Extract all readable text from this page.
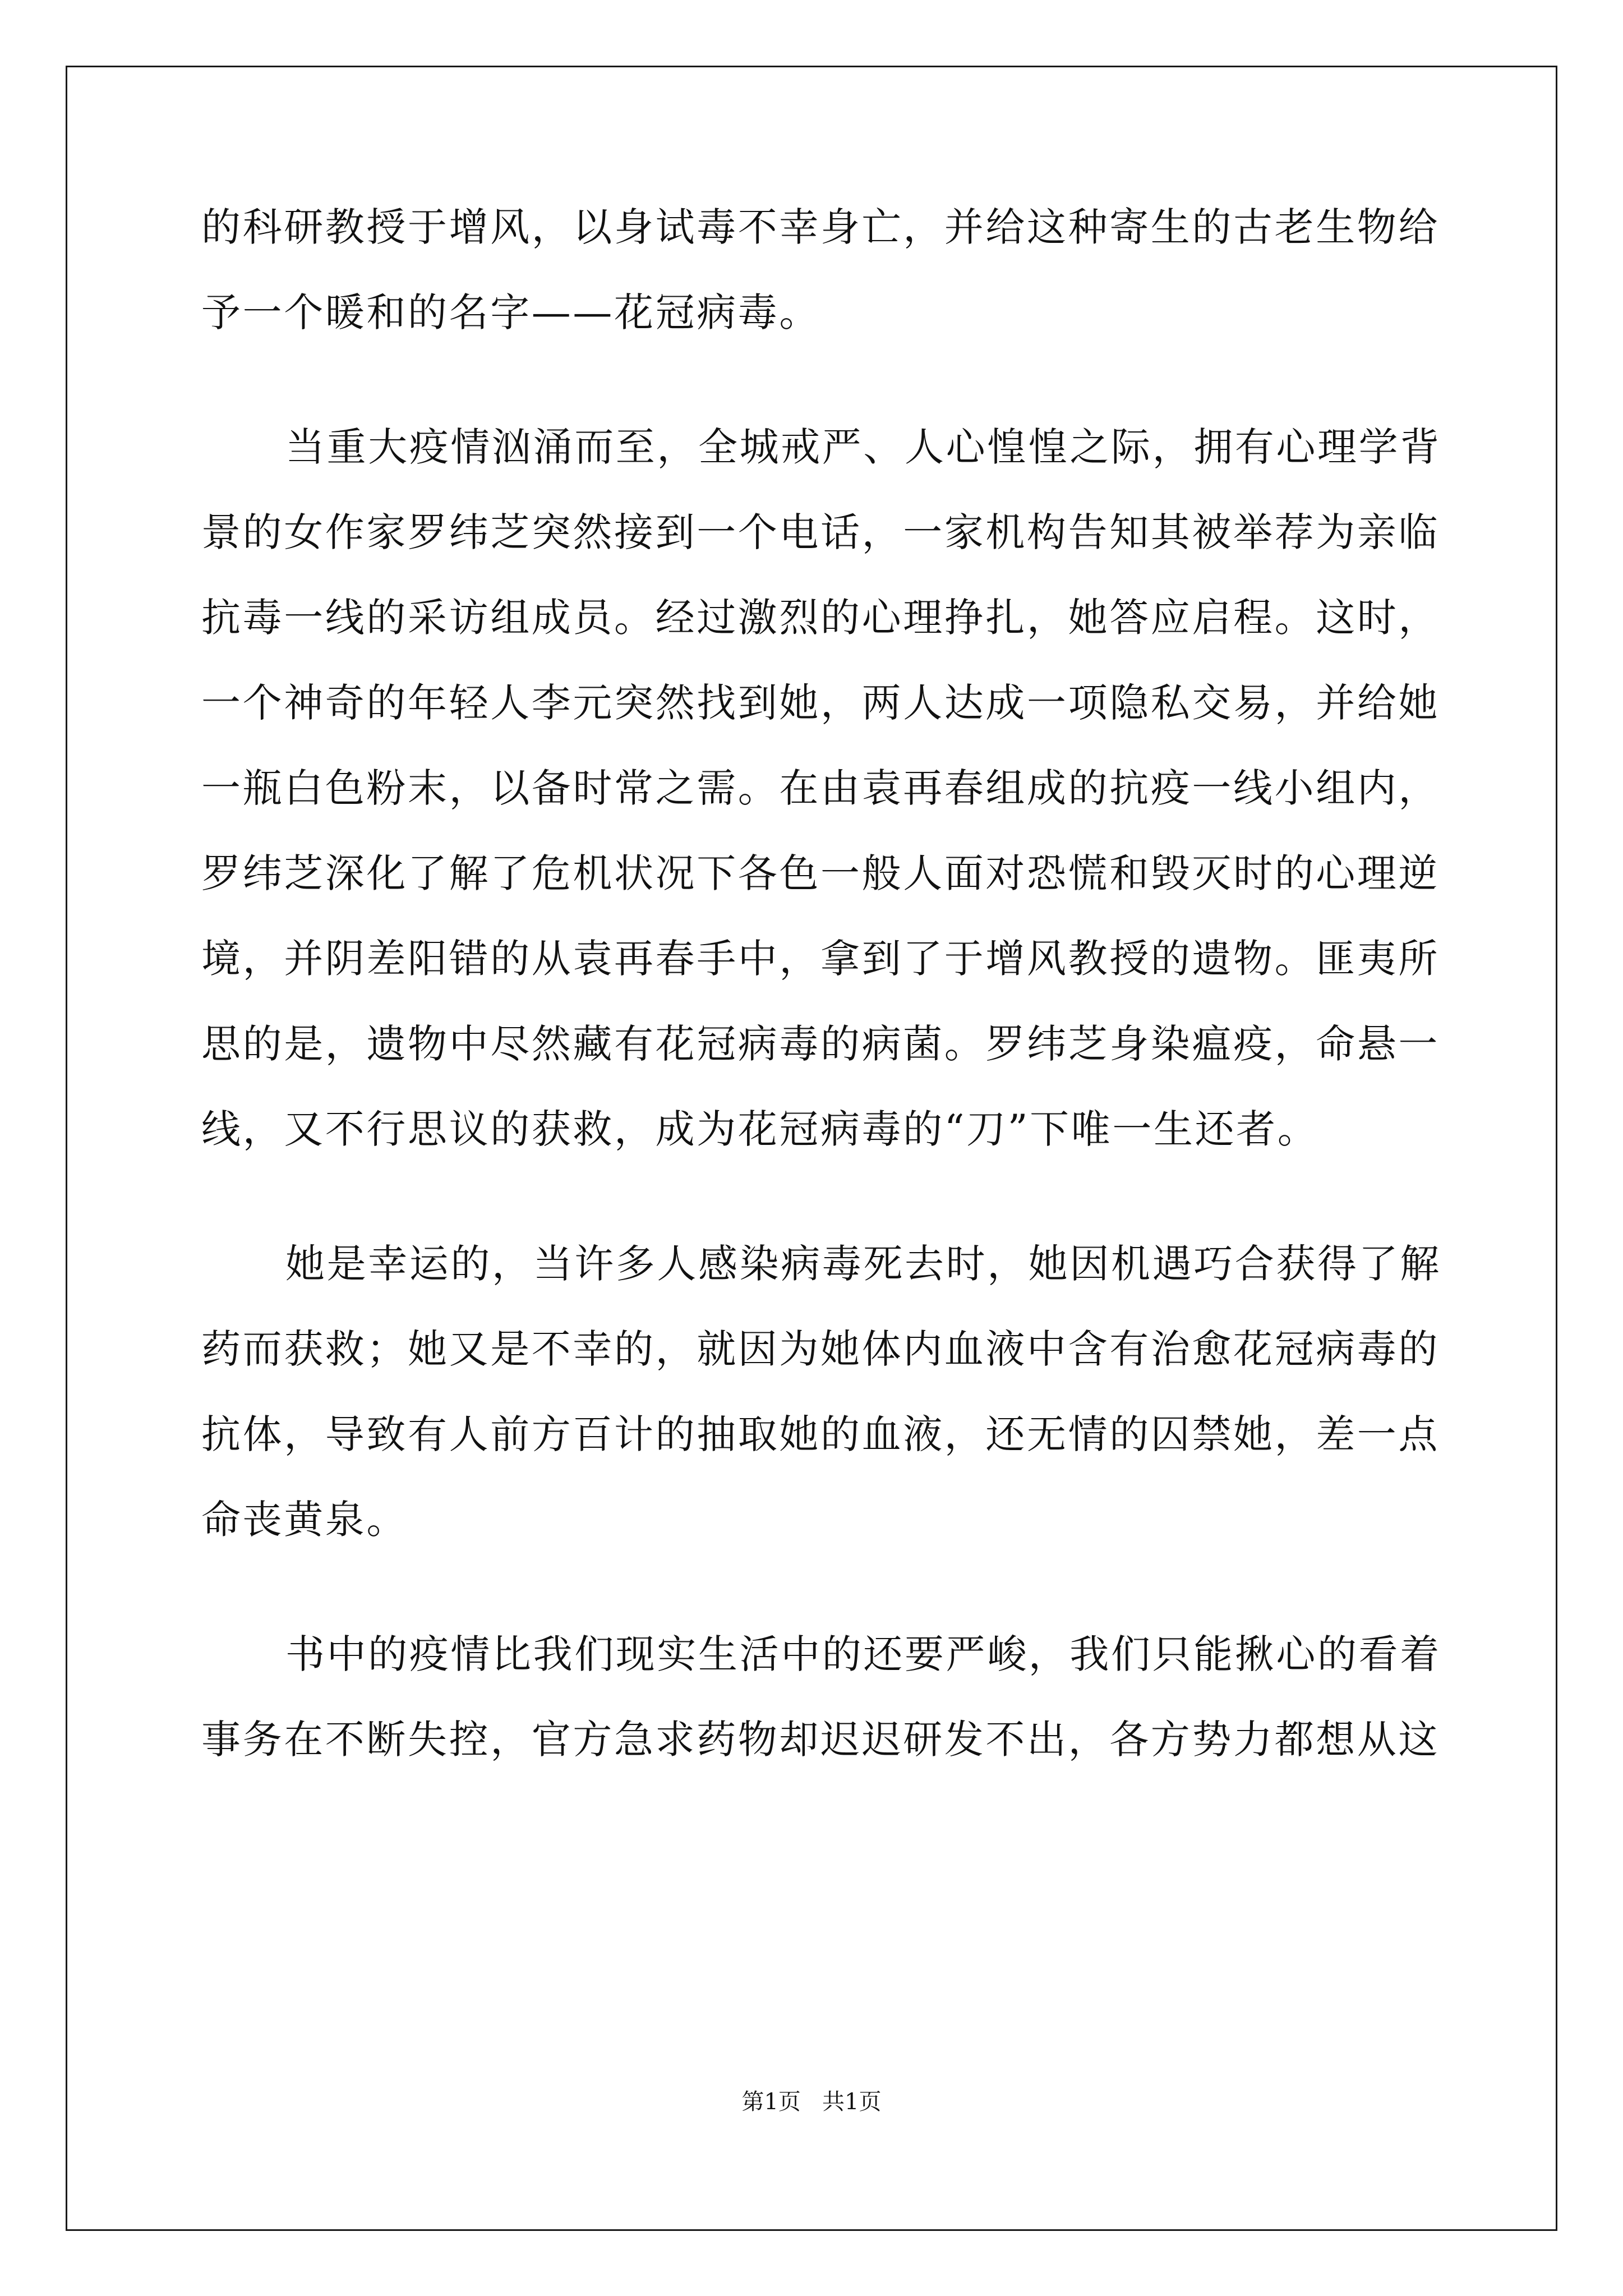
的科研教授于增风，以身试毒不幸身亡，并给这种寄生的古老生物给
予一个暖和的名字——花冠病毒。
当重大疫情汹涌而至，全城戒严、人心惶惶之际，拥有心理学背
景的女作家罗纬芝突然接到一个电话，一家机构告知其被举荐为亲临
抗毒一线的采访组成员。经过激烈的心理挣扎，她答应启程。这时，
一个神奇的年轻人李元突然找到她，两人达成一项隐私交易，并给她
一瓶白色粉末，以备时常之需。在由袁再春组成的抗疫一线小组内，
罗纬芝深化了解了危机状况下各色一般人面对恐慌和毁灭时的心理逆
境，并阴差阳错的从袁再春手中，拿到了于增风教授的遗物。匪夷所
思的是，遗物中尽然藏有花冠病毒的病菌。罗纬芝身染瘟疫，命悬一
线，又不行思议的获救，成为花冠病毒的“刀”下唯一生还者。
她是幸运的，当许多人感染病毒死去时，她因机遇巧合获得了解
药而获救；她又是不幸的，就因为她体内血液中含有治愈花冠病毒的
抗体，导致有人前方百计的抽取她的血液，还无情的囚禁她，差一点
命丧黄泉。
书中的疫情比我们现实生活中的还要严峻，我们只能揪心的看着
事务在不断失控，官方急求药物却迟迟研发不出，各方势力都想从这
第1页   共1页
